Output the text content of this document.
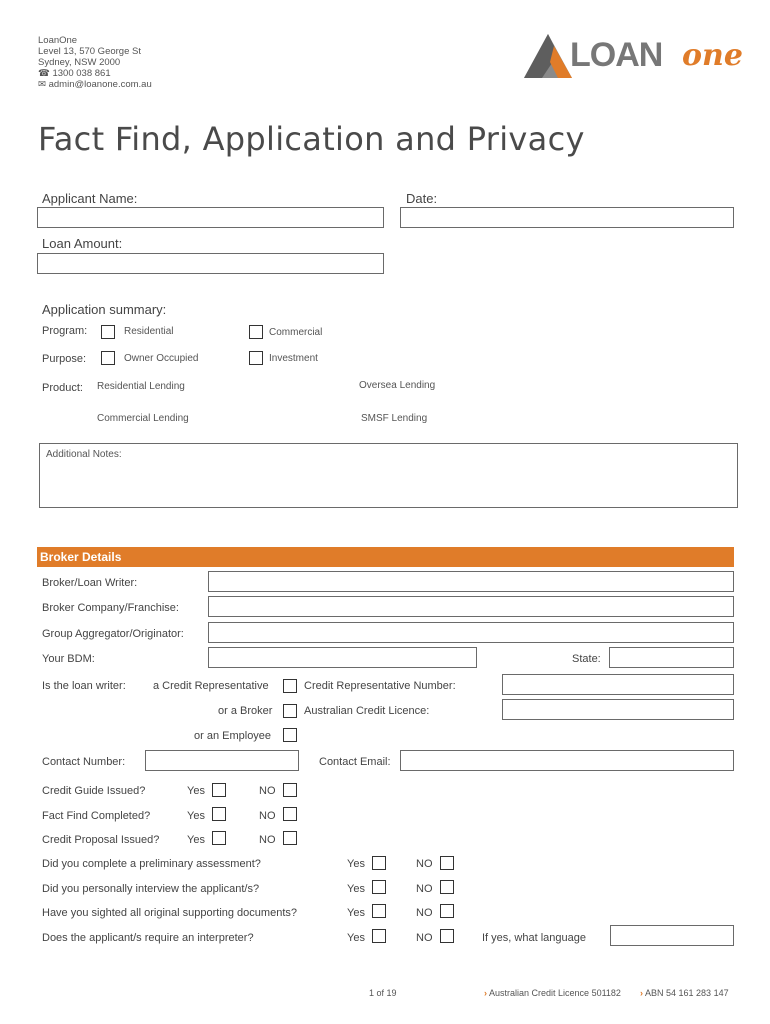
LoanOne
Level 13, 570 George St
Sydney, NSW 2000
☎ 1300 038 861
✉ admin@loanone.com.au
LOAN one
Fact Find, Application and Privacy
Applicant Name:	Date:
Loan Amount:
Application summary:
Program:	Residential	Commercial
Purpose:	Owner Occupied	Investment
Product: Residential Lending	Oversea Lending
Commercial Lending	SMSF Lending
Additional Notes:
Broker Details
Broker/Loan Writer:
Broker Company/Franchise:
Group Aggregator/Originator:
Your BDM:	State:
Is the loan writer: a Credit Representative	Credit Representative Number:
or a Broker	Australian Credit Licence:
or an Employee
Contact Number:	Contact Email:
Credit Guide Issued?	Yes	NO
Fact Find Completed?	Yes	NO
Credit Proposal Issued?	Yes	NO
Did you complete a preliminary assessment?	Yes	NO
Did you personally interview the applicant/s?	Yes	NO
Have you sighted all original supporting documents?	Yes	NO
Does the applicant/s require an interpreter?	Yes	NO	If yes, what language
1 of 19	› Australian Credit Licence 501182 › ABN 54 161 283 147
